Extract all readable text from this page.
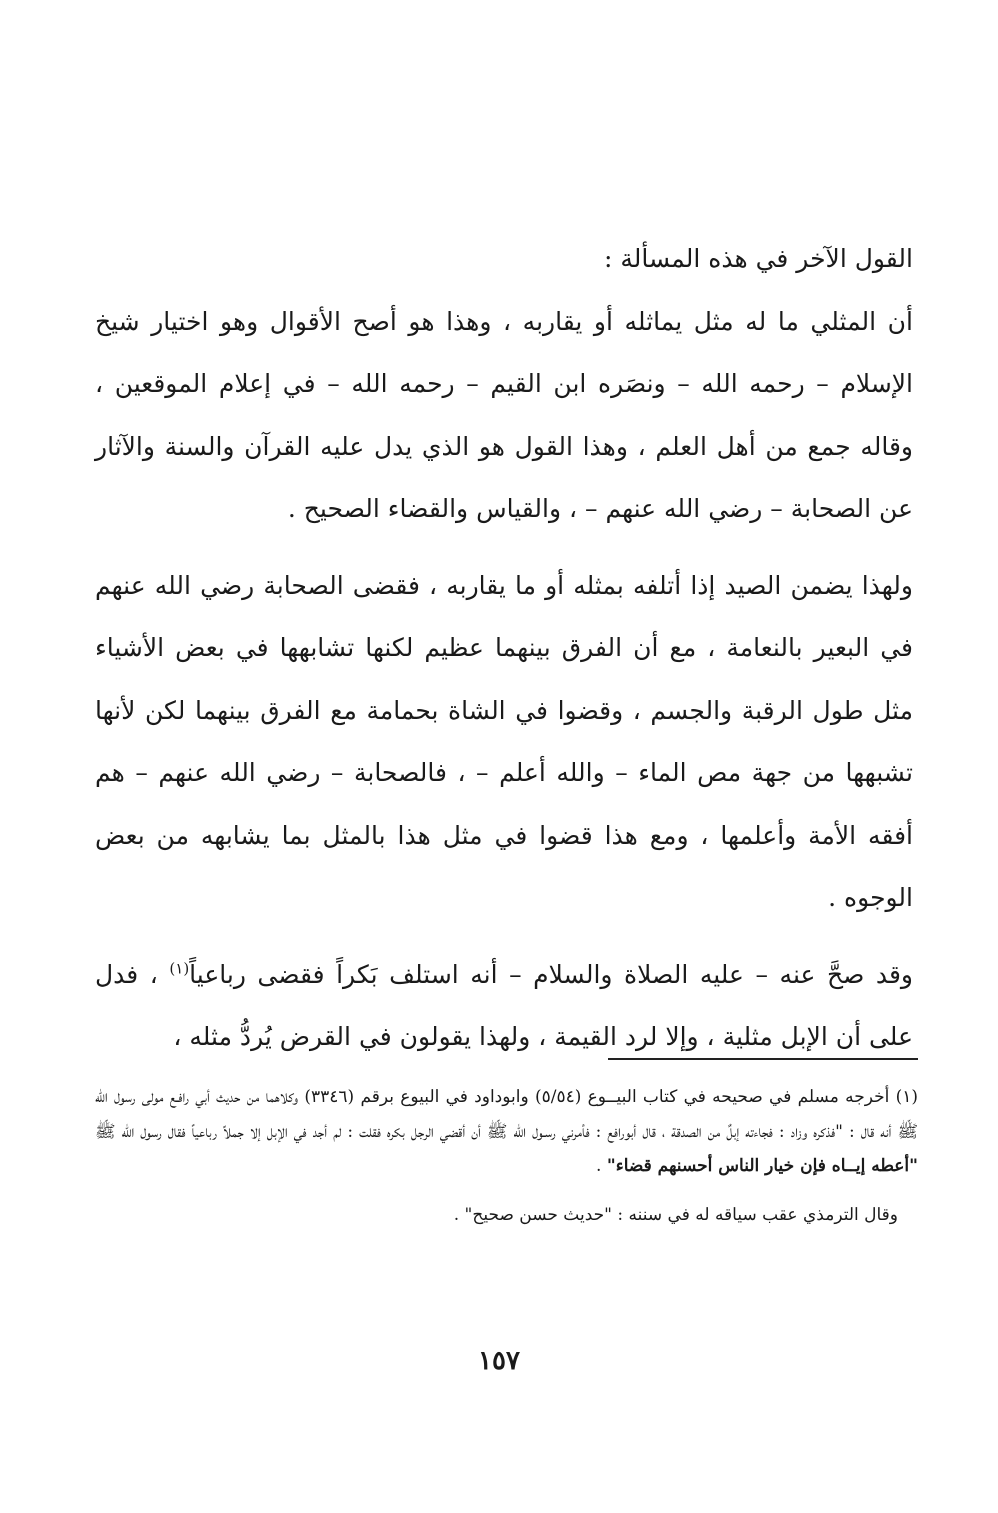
القول الآخر في هذه المسألة :

أن المثلي ما له مثل يماثله أو يقاربه ، وهذا هو أصح الأقوال وهو اختيار شيخ الإسلام – رحمه الله – ونصَره ابن القيم – رحمه الله – في إعلام الموقعين ، وقاله جمع من أهل العلم ، وهذا القول هو الذي يدل عليه القرآن والسنة والآثار عن الصحابة – رضي الله عنهم – ، والقياس والقضاء الصحيح .

ولهذا يضمن الصيد إذا أتلفه بمثله أو ما يقاربه ، فقضى الصحابة رضي الله عنهم في البعير بالنعامة ، مع أن الفرق بينهما عظيم لكنها تشابهها في بعض الأشياء مثل طول الرقبة والجسم ، وقضوا في الشاة بحمامة مع الفرق بينهما لكن لأنها تشبهها من جهة مص الماء – والله أعلم – ، فالصحابة – رضي الله عنهم – هم أفقه الأمة وأعلمها ، ومع هذا قضوا في مثل هذا بالمثل بما يشابهه من بعض الوجوه .

وقد صحَّ عنه – عليه الصلاة والسلام – أنه استلف بَكراً فقضى رباعياً$^{(١)}$ ، فدل على أن الإبل مثلية ، وإلا لرد القيمة ، ولهذا يقولون في القرض يُردُّ مثله ،

(١) أخرجه مسلم في صحيحه في كتاب البيــوع (٥/٥٤) وابوداود في البيوع برقم (٣٣٤٦) وكلاهما من حديث أبي رافـع مولى رسول الله ﷺ أنه قال : "فذكره وزاد : فجاءته إبلٌ من الصدقة ، قال أبورافع : فأمرني رسـول الله ﷺ أن أقضي الرجل بكره فقلت : لم أجد في الإبل إلا جملاً رباعياً فقال رسول الله ﷺ "أعطه إيــاه فإن خيار الناس أحسنهم قضاء" .

وقال الترمذي عقب سياقه له في سننه : "حديث حسن صحيح" .

١٥٧
